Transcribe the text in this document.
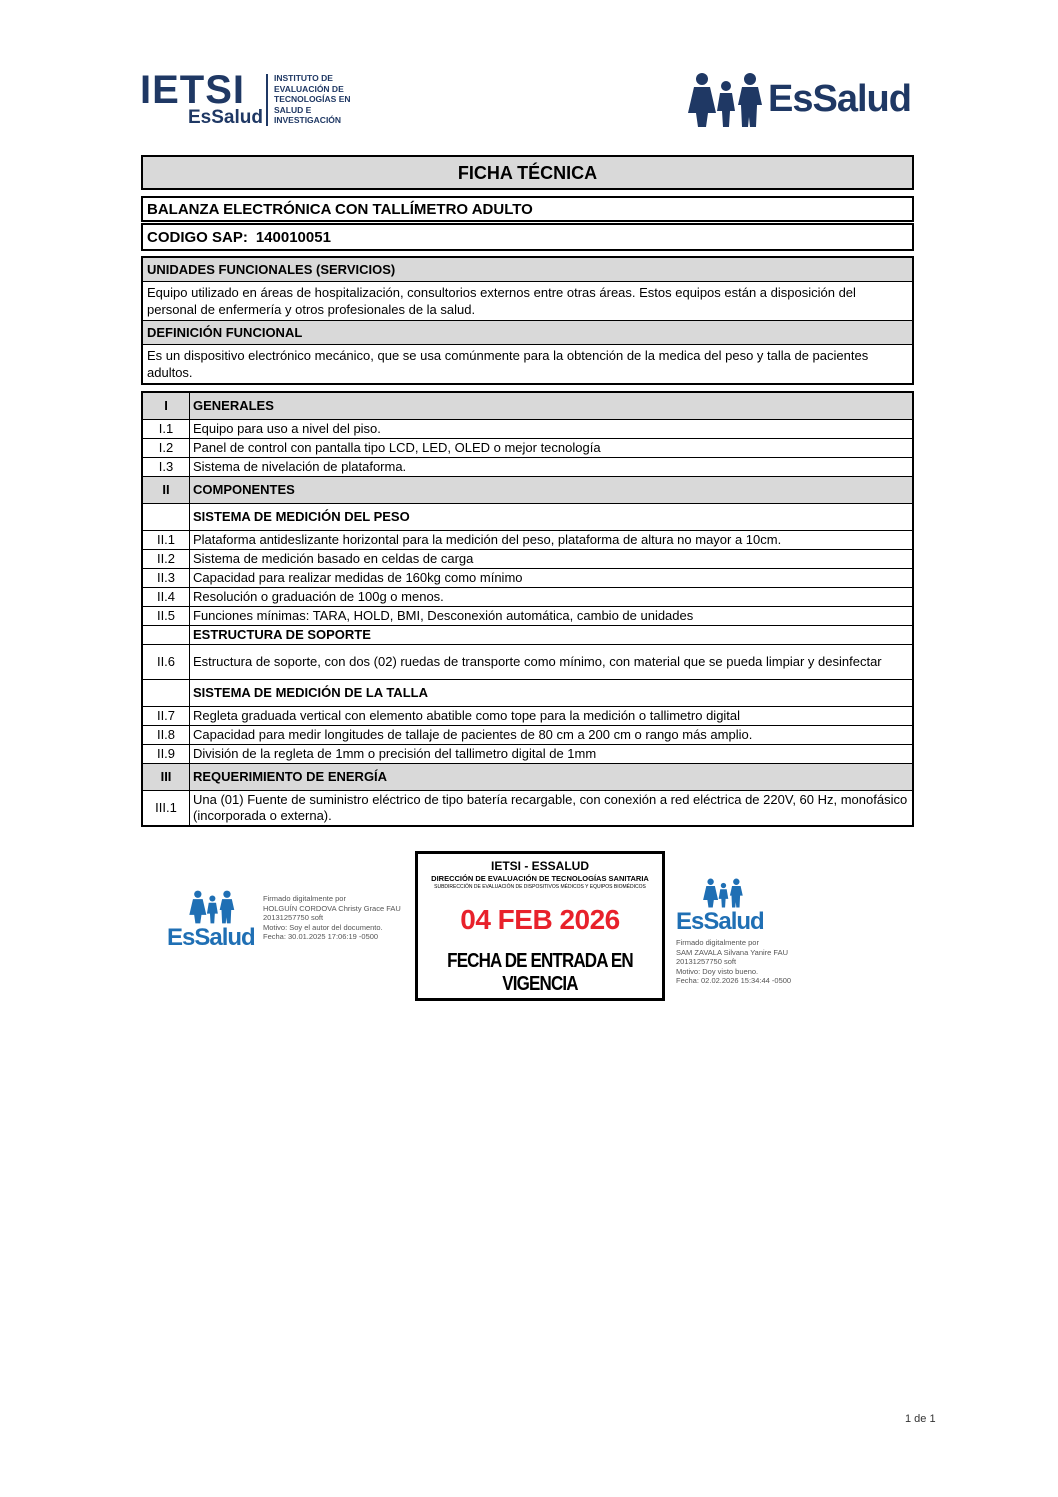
IETSI
EsSalud
INSTITUTO DE
EVALUACIÓN DE
TECNOLOGÍAS EN
SALUD E
INVESTIGACIÓN	EsSalud
FICHA TÉCNICA
BALANZA ELECTRÓNICA CON TALLÍMETRO ADULTO
CODIGO SAP: 140010051
UNIDADES FUNCIONALES (SERVICIOS)
Equipo utilizado en áreas de hospitalización, consultorios externos entre otras áreas. Estos equipos están a disposición del personal de enfermería y otros profesionales de la salud.
DEFINICIÓN FUNCIONAL
Es un dispositivo electrónico mecánico, que se usa comúnmente para la obtención de la medica del peso y talla de pacientes adultos.
I	GENERALES
I.1	Equipo para uso a nivel del piso.
I.2	Panel de control con pantalla tipo LCD, LED, OLED o mejor tecnología
I.3	Sistema de nivelación de plataforma.
II	COMPONENTES
	SISTEMA DE MEDICIÓN DEL PESO
II.1	Plataforma antideslizante horizontal para la medición del peso, plataforma de altura no mayor a 10cm.
II.2	Sistema de medición basado en celdas de carga
II.3	Capacidad para realizar medidas de 160kg como mínimo
II.4	Resolución o graduación de 100g o menos.
II.5	Funciones mínimas: TARA, HOLD, BMI, Desconexión automática, cambio de unidades
	ESTRUCTURA DE SOPORTE
II.6	Estructura de soporte, con dos (02) ruedas de transporte como mínimo, con material que se pueda limpiar y desinfectar
	SISTEMA DE MEDICIÓN DE LA TALLA
II.7	Regleta graduada vertical con elemento abatible como tope para la medición o tallimetro digital
II.8	Capacidad para medir longitudes de tallaje de pacientes de 80 cm a 200 cm o rango más amplio.
II.9	División de la regleta de 1mm o precisión del tallimetro digital de 1mm
III	REQUERIMIENTO DE ENERGÍA
III.1	Una (01) Fuente de suministro eléctrico de tipo batería recargable, con conexión a red eléctrica de 220V, 60 Hz, monofásico (incorporada o externa).
EsSalud
Firmado digitalmente por
HOLGUÍN CORDOVA Christy Grace FAU
20131257750 soft
Motivo: Soy el autor del documento.
Fecha: 30.01.2025 17:06:19 -0500
IETSI - ESSALUD
DIRECCIÓN DE EVALUACIÓN DE TECNOLOGÍAS SANITARIA
SUBDIRECCIÓN DE EVALUACIÓN DE DISPOSITIVOS MÉDICOS Y EQUIPOS BIOMÉDICOS
04 FEB 2026
FECHA DE ENTRADA EN VIGENCIA
EsSalud
Firmado digitalmente por
SAM ZAVALA Silvana Yanire FAU
20131257750 soft
Motivo: Doy visto bueno.
Fecha: 02.02.2026 15:34:44 -0500
1 de 1
